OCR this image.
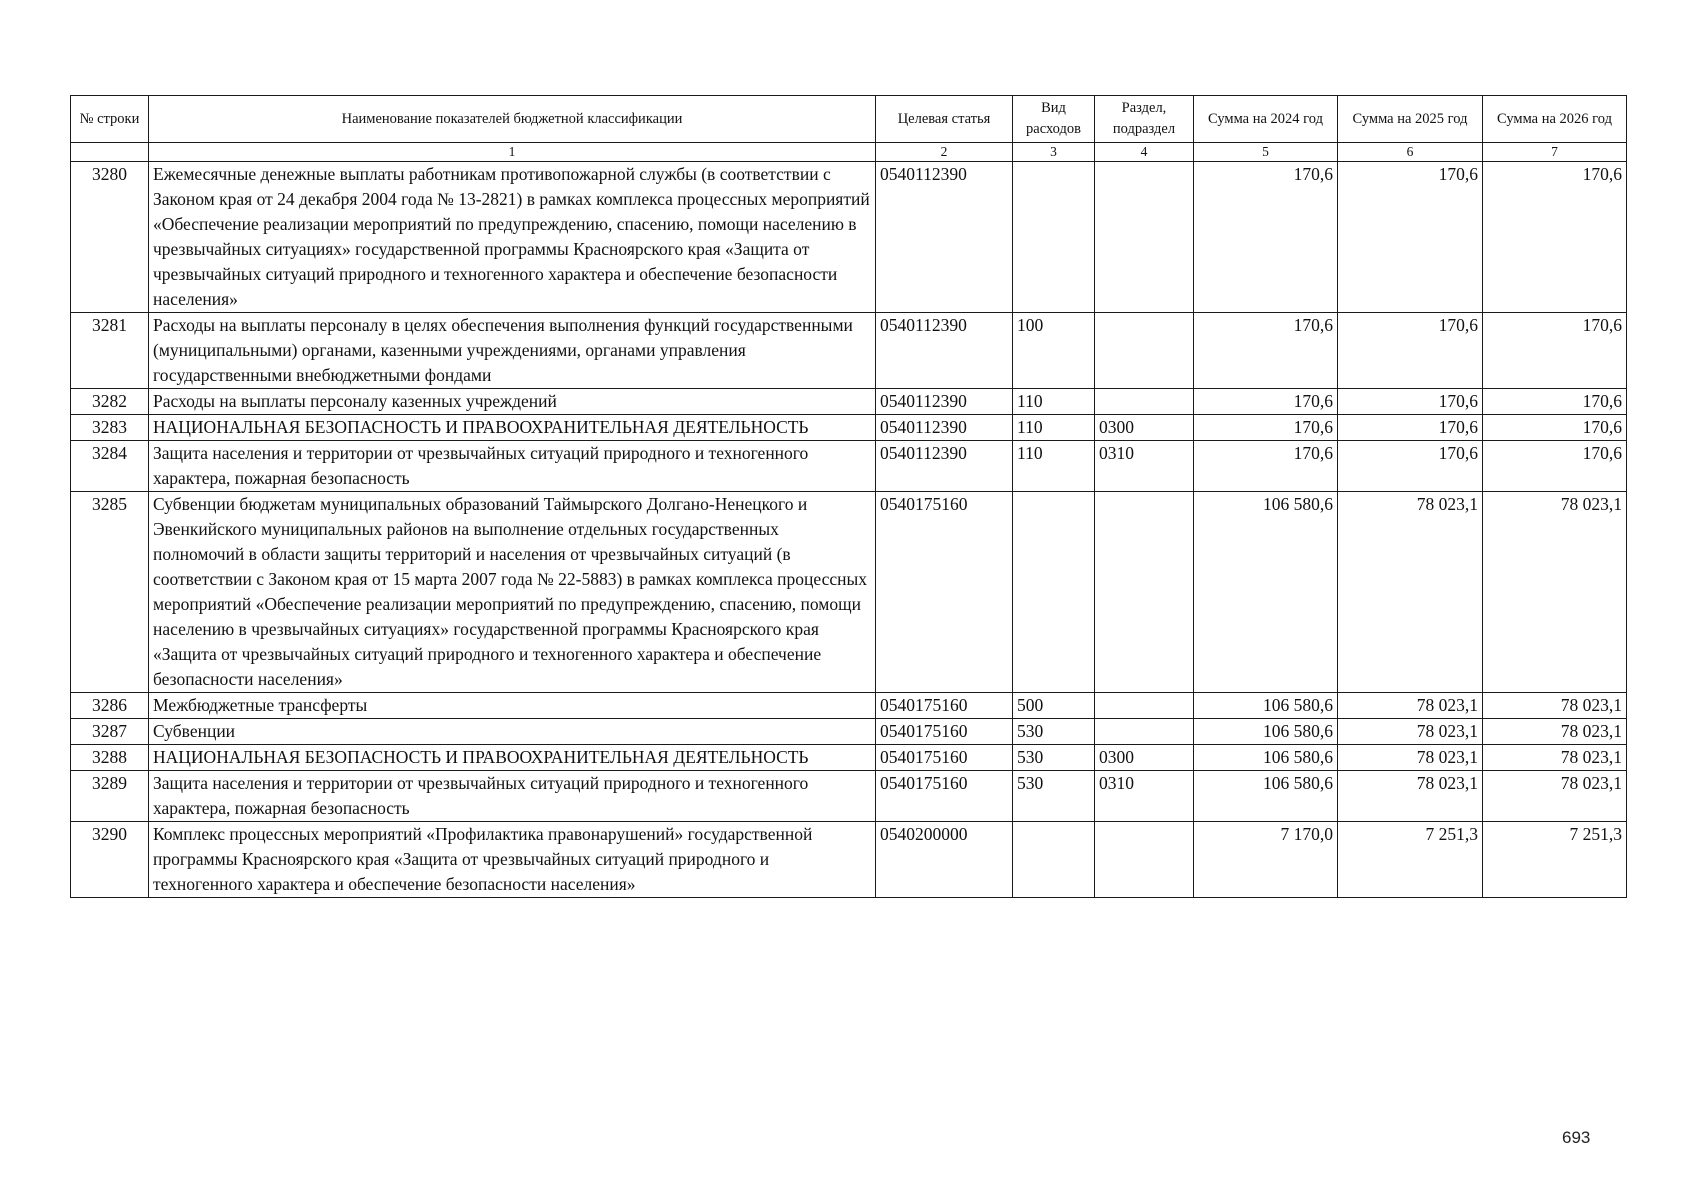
№ строки	Наименование показателей бюджетной классификации	Целевая статья	Вид расходов	Раздел, подраздел	Сумма на 2024 год	Сумма на 2025 год	Сумма на 2026 год
	1	2	3	4	5	6	7
3280	Ежемесячные денежные выплаты работникам противопожарной службы (в соответствии с Законом края от 24 декабря 2004 года № 13-2821) в рамках комплекса процессных мероприятий «Обеспечение реализации мероприятий по предупреждению, спасению, помощи населению в чрезвычайных ситуациях» государственной программы Красноярского края «Защита от чрезвычайных ситуаций природного и техногенного характера и обеспечение безопасности населения»	0540112390			170,6	170,6	170,6
3281	Расходы на выплаты персоналу в целях обеспечения выполнения функций государственными (муниципальными) органами, казенными учреждениями, органами управления государственными внебюджетными фондами	0540112390	100		170,6	170,6	170,6
3282	Расходы на выплаты персоналу казенных учреждений	0540112390	110		170,6	170,6	170,6
3283	НАЦИОНАЛЬНАЯ БЕЗОПАСНОСТЬ И ПРАВООХРАНИТЕЛЬНАЯ ДЕЯТЕЛЬНОСТЬ	0540112390	110	0300	170,6	170,6	170,6
3284	Защита населения и территории от чрезвычайных ситуаций природного и техногенного характера, пожарная безопасность	0540112390	110	0310	170,6	170,6	170,6
3285	Субвенции бюджетам муниципальных образований Таймырского Долгано-Ненецкого и Эвенкийского муниципальных районов на выполнение отдельных государственных полномочий в области защиты территорий и населения от чрезвычайных ситуаций (в соответствии с Законом края от 15 марта 2007 года № 22-5883) в рамках комплекса процессных мероприятий «Обеспечение реализации мероприятий по предупреждению, спасению, помощи населению в чрезвычайных ситуациях» государственной программы Красноярского края «Защита от чрезвычайных ситуаций природного и техногенного характера и обеспечение безопасности населения»	0540175160			106 580,6	78 023,1	78 023,1
3286	Межбюджетные трансферты	0540175160	500		106 580,6	78 023,1	78 023,1
3287	Субвенции	0540175160	530		106 580,6	78 023,1	78 023,1
3288	НАЦИОНАЛЬНАЯ БЕЗОПАСНОСТЬ И ПРАВООХРАНИТЕЛЬНАЯ ДЕЯТЕЛЬНОСТЬ	0540175160	530	0300	106 580,6	78 023,1	78 023,1
3289	Защита населения и территории от чрезвычайных ситуаций природного и техногенного характера, пожарная безопасность	0540175160	530	0310	106 580,6	78 023,1	78 023,1
3290	Комплекс процессных мероприятий «Профилактика правонарушений» государственной программы Красноярского края «Защита от чрезвычайных ситуаций природного и техногенного характера и обеспечение безопасности населения»	0540200000			7 170,0	7 251,3	7 251,3
693
